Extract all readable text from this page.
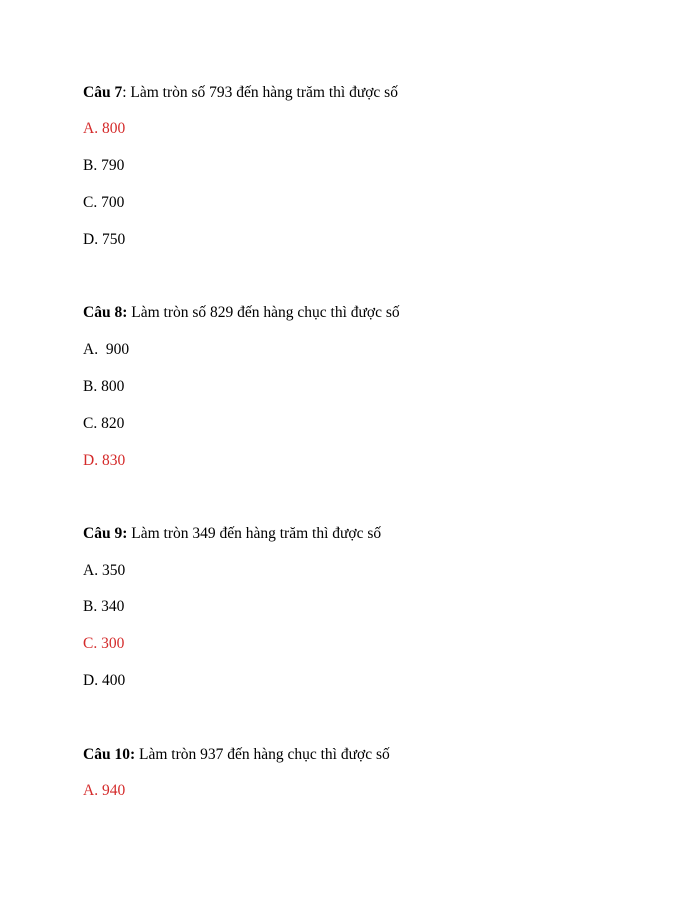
Câu 7: Làm tròn số 793 đến hàng trăm thì được số
A. 800
B. 790
C. 700
D. 750
Câu 8: Làm tròn số 829 đến hàng chục thì được số
A.  900
B. 800
C. 820
D. 830
Câu 9: Làm tròn 349 đến hàng trăm thì được số
A. 350
B. 340
C. 300
D. 400
Câu 10: Làm tròn 937 đến hàng chục thì được số
A. 940
